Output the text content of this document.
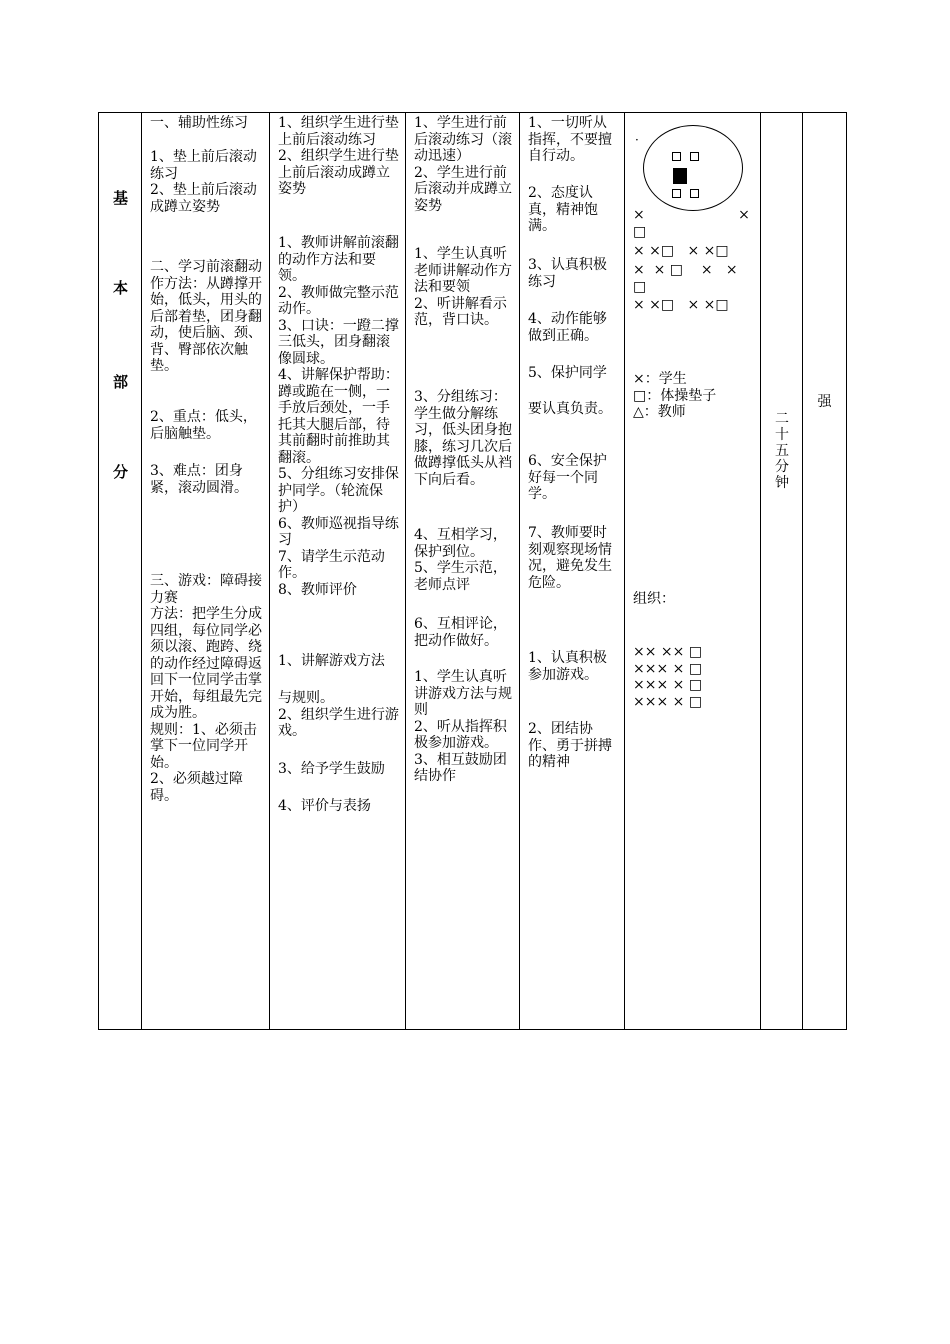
基
本
部
分
一、辅助性练习
1、垫上前后滚动练习
2、垫上前后滚动成蹲立姿势
二、学习前滚翻动作方法：从蹲撑开始，低头，用头的后部着垫，团身翻动，使后脑、颈、背、臀部依次触垫。
2、重点：低头，后脑触垫。
3、难点：团身紧，滚动圆滑。
三、游戏：障碍接力赛
方法：把学生分成四组，每位同学必须以滚、跑跨、绕的动作经过障碍返回下一位同学击掌开始，每组最先完成为胜。
规则：1、必须击掌下一位同学开始。
2、必须越过障碍。
1、组织学生进行垫上前后滚动练习
2、组织学生进行垫上前后滚动成蹲立姿势
1、教师讲解前滚翻的动作方法和要领。
2、教师做完整示范动作。
3、口诀：一蹬二撑三低头，团身翻滚像圆球。
4、讲解保护帮助：蹲或跪在一侧，一手放后颈处，一手托其大腿后部，待其前翻时前推助其翻滚。
5、分组练习安排保护同学。（轮流保护）
6、教师巡视指导练习
7、请学生示范动作。
8、教师评价
1、讲解游戏方法
与规则。
2、组织学生进行游戏。
3、给予学生鼓励
4、评价与表扬
1、学生进行前后滚动练习（滚动迅速）
2、学生进行前后滚动并成蹲立姿势
1、学生认真听老师讲解动作方法和要领
2、听讲解看示范，背口诀。
3、分组练习：学生做分解练习，低头团身抱膝，练习几次后做蹲撑低头从裆下向后看。
4、互相学习，保护到位。
5、学生示范，老师点评
6、互相评论，把动作做好。
1、学生认真听讲游戏方法与规则
2、听从指挥积极参加游戏。
3、相互鼓励团结协作
1、一切听从指挥，不要擅自行动。
2、态度认真，精神饱满。
3、认真积极练习
4、动作能够做到正确。
5、保护同学
要认真负责。
6、安全保护好每一个同学。
7、教师要时刻观察现场情况，避免发生危险。
1、认真积极参加游戏。
2、团结协作、勇于拼搏的精神
·
×                     ×
□
× ×□   × ×□
×  × □    ×   ×
□
× ×□   × ×□
×：学生
□：体操垫子
△：教师
组织：
×× ×× □
××× × □
××× × □
××× × □
二
十
五
分
钟
强
